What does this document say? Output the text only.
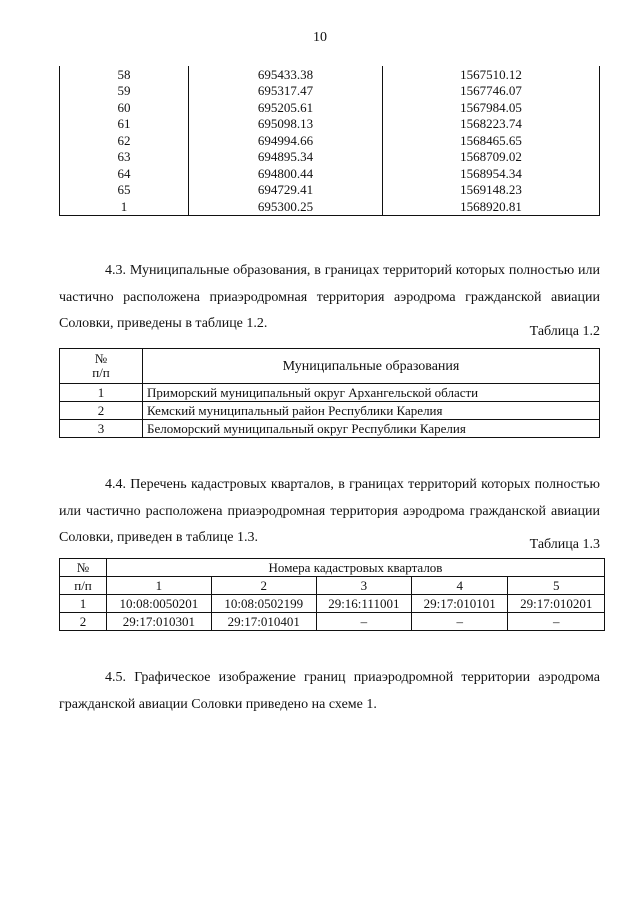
10
58	695433.38	1567510.12
59	695317.47	1567746.07
60	695205.61	1567984.05
61	695098.13	1568223.74
62	694994.66	1568465.65
63	694895.34	1568709.02
64	694800.44	1568954.34
65	694729.41	1569148.23
1	695300.25	1568920.81

4.3. Муниципальные образования, в границах территорий которых полностью или частично расположена приаэродромная территория аэродрома гражданской авиации Соловки, приведены в таблице 1.2.

Таблица 1.2
№
п/п	Муниципальные образования
1	Приморский муниципальный округ Архангельской области
2	Кемский муниципальный район Республики Карелия
3	Беломорский муниципальный округ Республики Карелия

4.4. Перечень кадастровых кварталов, в границах территорий которых полностью или частично расположена приаэродромная территория аэродрома гражданской авиации Соловки, приведен в таблице 1.3.	Таблица 1.3
№	Номера кадастровых кварталов				
п/п	1	2	3	4	5
1	10:08:0050201	10:08:0502199	29:16:111001	29:17:010101	29:17:010201
2	29:17:010301	29:17:010401	–	–	–

4.5. Графическое изображение границ приаэродромной территории аэродрома гражданской авиации Соловки приведено на схеме 1.
